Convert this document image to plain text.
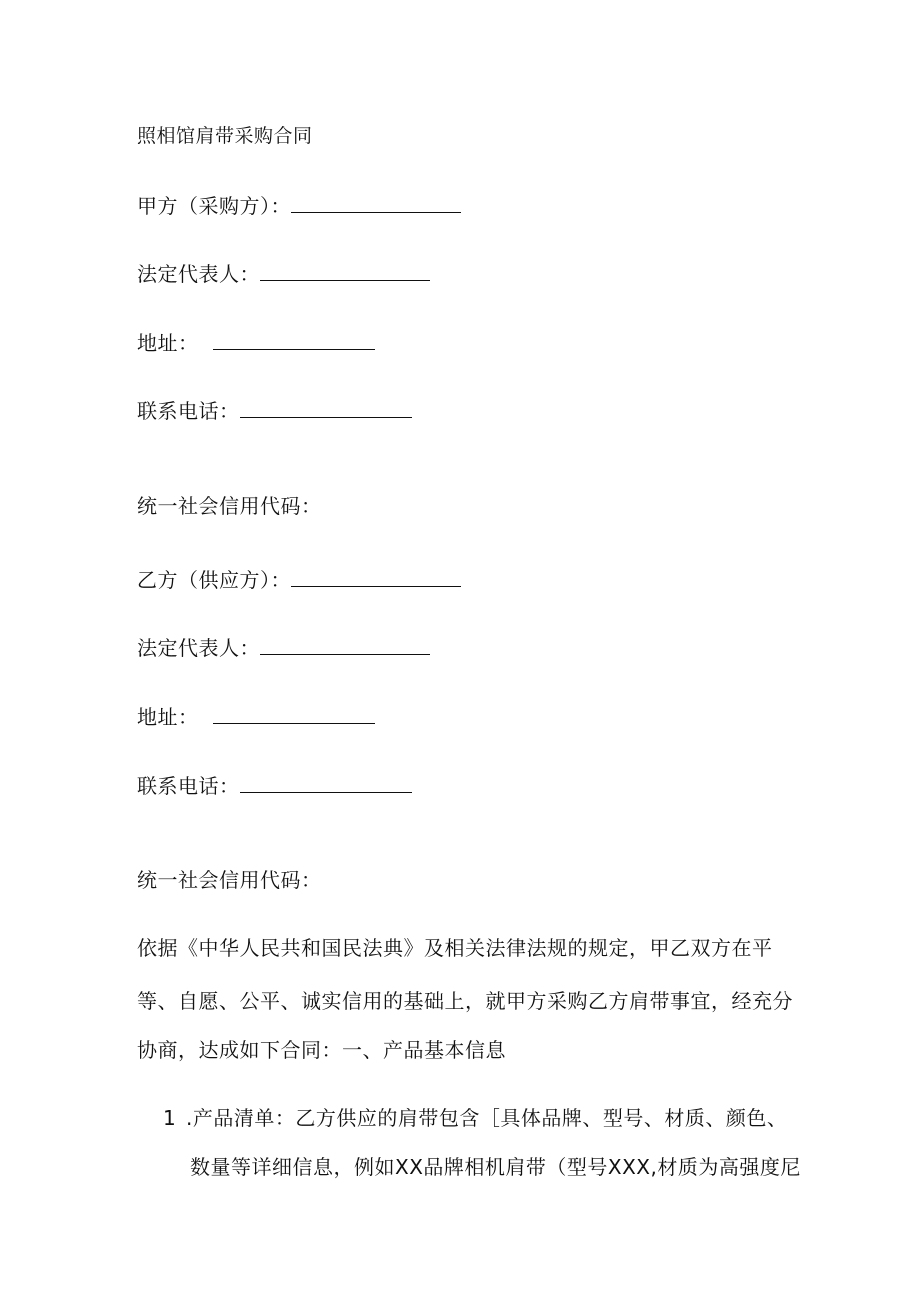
照相馆肩带采购合同
甲方（采购方）：
法定代表人：
地址：
联系电话：
统一社会信用代码：
乙方（供应方）：
法定代表人：
地址：
联系电话：
统一社会信用代码：
依据《中华人民共和国民法典》及相关法律法规的规定，甲乙双方在平
等、自愿、公平、诚实信用的基础上，就甲方采购乙方肩带事宜，经充分
协商，达成如下合同：一、产品基本信息
1 .产品清单：乙方供应的肩带包含［具体品牌、型号、材质、颜色、
数量等详细信息，例如XX品牌相机肩带（型号XXX,材质为高强度尼
